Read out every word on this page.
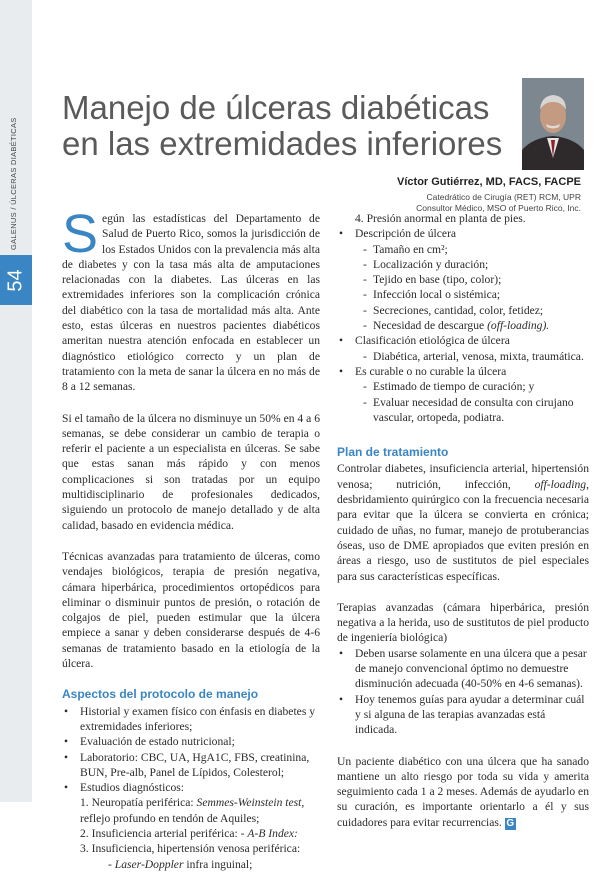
GALENUS / ÚLCERAS DIABÉTICAS
54
Manejo de úlceras diabéticas
en las extremidades inferiores
Víctor Gutiérrez, MD, FACS, FACPE
Catedrático de Cirugía (RET) RCM, UPR
Consultor Médico, MSO of Puerto Rico, Inc.

Según las estadísticas del Departamento de Salud de Puerto Rico, somos la jurisdicción de los Estados Unidos con la prevalencia más alta de diabetes y con la tasa más alta de amputaciones relacionadas con la diabetes. Las úlceras en las extremidades inferiores son la complicación crónica del diabético con la tasa de mortalidad más alta. Ante esto, estas úlceras en nuestros pacientes diabéticos ameritan nuestra atención enfocada en establecer un diagnóstico etiológico correcto y un plan de tratamiento con la meta de sanar la úlcera en no más de 8 a 12 semanas.

Si el tamaño de la úlcera no disminuye un 50% en 4 a 6 semanas, se debe considerar un cambio de terapia o referir el paciente a un especialista en úlceras. Se sabe que estas sanan más rápido y con menos complicaciones si son tratadas por un equipo multidisciplinario de profesionales dedicados, siguiendo un protocolo de manejo detallado y de alta calidad, basado en evidencia médica.

Técnicas avanzadas para tratamiento de úlceras, como vendajes biológicos, terapia de presión negativa, cámara hiperbárica, procedimientos ortopédicos para eliminar o disminuir puntos de presión, o rotación de colgajos de piel, pueden estimular que la úlcera empiece a sanar y deben considerarse después de 4-6 semanas de tratamiento basado en la etiología de la úlcera.

Aspectos del protocolo de manejo
• Historial y examen físico con énfasis en diabetes y extremidades inferiores;
• Evaluación de estado nutricional;
• Laboratorio: CBC, UA, HgA1C, FBS, creatinina, BUN, Pre-alb, Panel de Lípidos, Colesterol;
• Estudios diagnósticos:
1. Neuropatía periférica: Semmes-Weinstein test, reflejo profundo en tendón de Aquiles;
2. Insuficiencia arterial periférica: - A-B Index:
3. Insuficiencia, hipertensión venosa periférica:
- Laser-Doppler infra inguinal;
4. Presión anormal en planta de pies.
• Descripción de úlcera
- Tamaño en cm²;
- Localización y duración;
- Tejido en base (tipo, color);
- Infección local o sistémica;
- Secreciones, cantidad, color, fetidez;
- Necesidad de descargue (off-loading).
• Clasificación etiológica de úlcera
- Diabética, arterial, venosa, mixta, traumática.
• Es curable o no curable la úlcera
- Estimado de tiempo de curación; y
- Evaluar necesidad de consulta con cirujano vascular, ortopeda, podiatra.
Plan de tratamiento

Controlar diabetes, insuficiencia arterial, hipertensión venosa; nutrición, infección, off-loading, desbridamiento quirúrgico con la frecuencia necesaria para evitar que la úlcera se convierta en crónica; cuidado de uñas, no fumar, manejo de protuberancias óseas, uso de DME apropiados que eviten presión en áreas a riesgo, uso de sustitutos de piel especiales para sus características específicas.

Terapias avanzadas (cámara hiperbárica, presión negativa a la herida, uso de sustitutos de piel producto de ingeniería biológica)

• Deben usarse solamente en una úlcera que a pesar de manejo convencional óptimo no demuestre disminución adecuada (40-50% en 4-6 semanas).
• Hoy tenemos guías para ayudar a determinar cuál y si alguna de las terapias avanzadas está indicada.

Un paciente diabético con una úlcera que ha sanado mantiene un alto riesgo por toda su vida y amerita seguimiento cada 1 a 2 meses. Además de ayudarlo en su curación, es importante orientarlo a él y sus cuidadores para evitar recurrencias. G
